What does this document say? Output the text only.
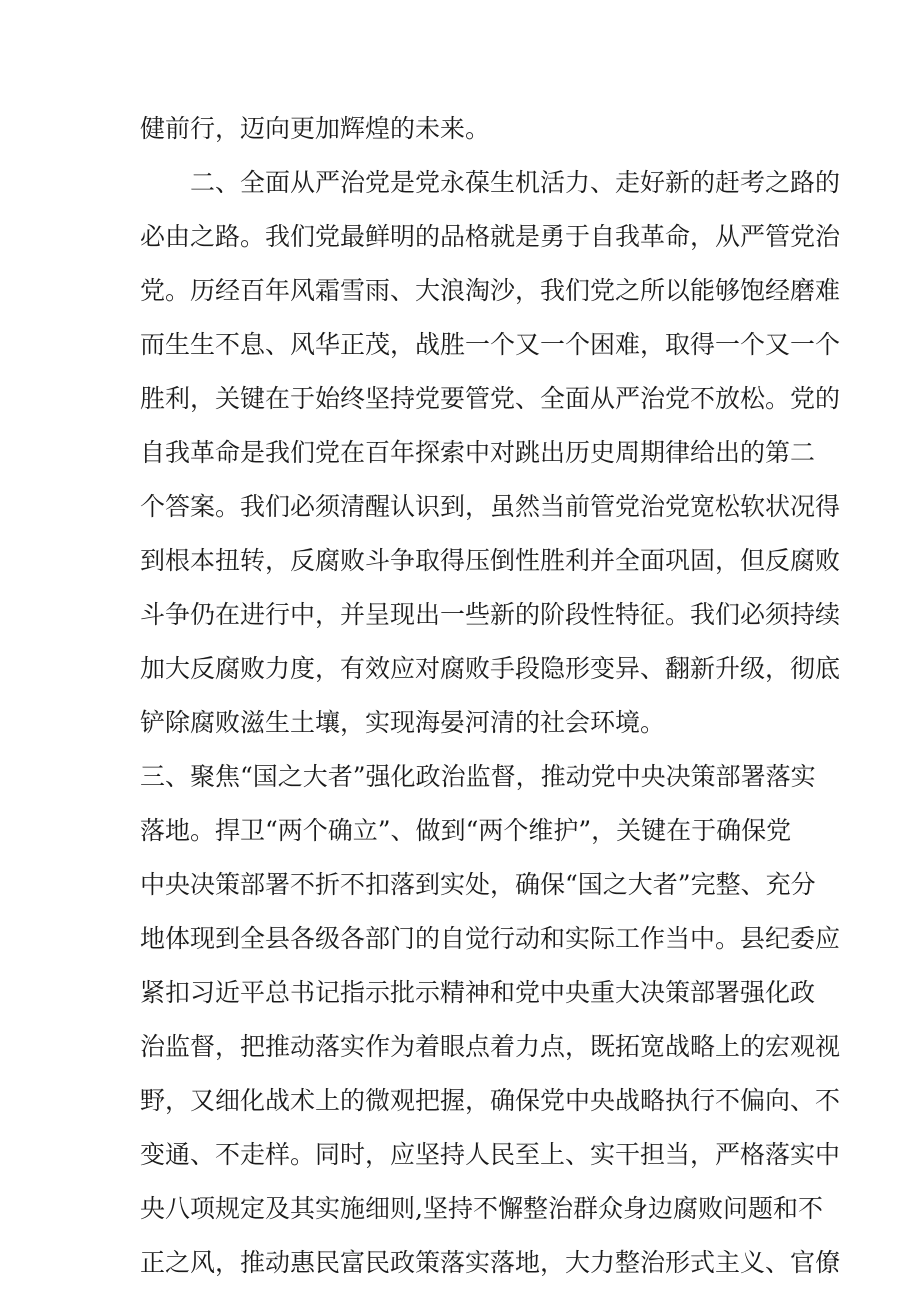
健前行，迈向更加辉煌的未来。
二、全面从严治党是党永葆生机活力、走好新的赶考之路的
必由之路。我们党最鲜明的品格就是勇于自我革命，从严管党治
党。历经百年风霜雪雨、大浪淘沙，我们党之所以能够饱经磨难
而生生不息、风华正茂，战胜一个又一个困难，取得一个又一个
胜利，关键在于始终坚持党要管党、全面从严治党不放松。党的
自我革命是我们党在百年探索中对跳出历史周期律给出的第二
个答案。我们必须清醒认识到，虽然当前管党治党宽松软状况得
到根本扭转，反腐败斗争取得压倒性胜利并全面巩固，但反腐败
斗争仍在进行中，并呈现出一些新的阶段性特征。我们必须持续
加大反腐败力度，有效应对腐败手段隐形变异、翻新升级，彻底
铲除腐败滋生土壤，实现海晏河清的社会环境。
三、聚焦“国之大者”强化政治监督，推动党中央决策部署落实
落地。捍卫“两个确立”、做到“两个维护”，关键在于确保党
中央决策部署不折不扣落到实处，确保“国之大者”完整、充分
地体现到全县各级各部门的自觉行动和实际工作当中。县纪委应
紧扣习近平总书记指示批示精神和党中央重大决策部署强化政
治监督，把推动落实作为着眼点着力点，既拓宽战略上的宏观视
野，又细化战术上的微观把握，确保党中央战略执行不偏向、不
变通、不走样。同时，应坚持人民至上、实干担当，严格落实中
央八项规定及其实施细则,坚持不懈整治群众身边腐败问题和不
正之风，推动惠民富民政策落实落地，大力整治形式主义、官僚
